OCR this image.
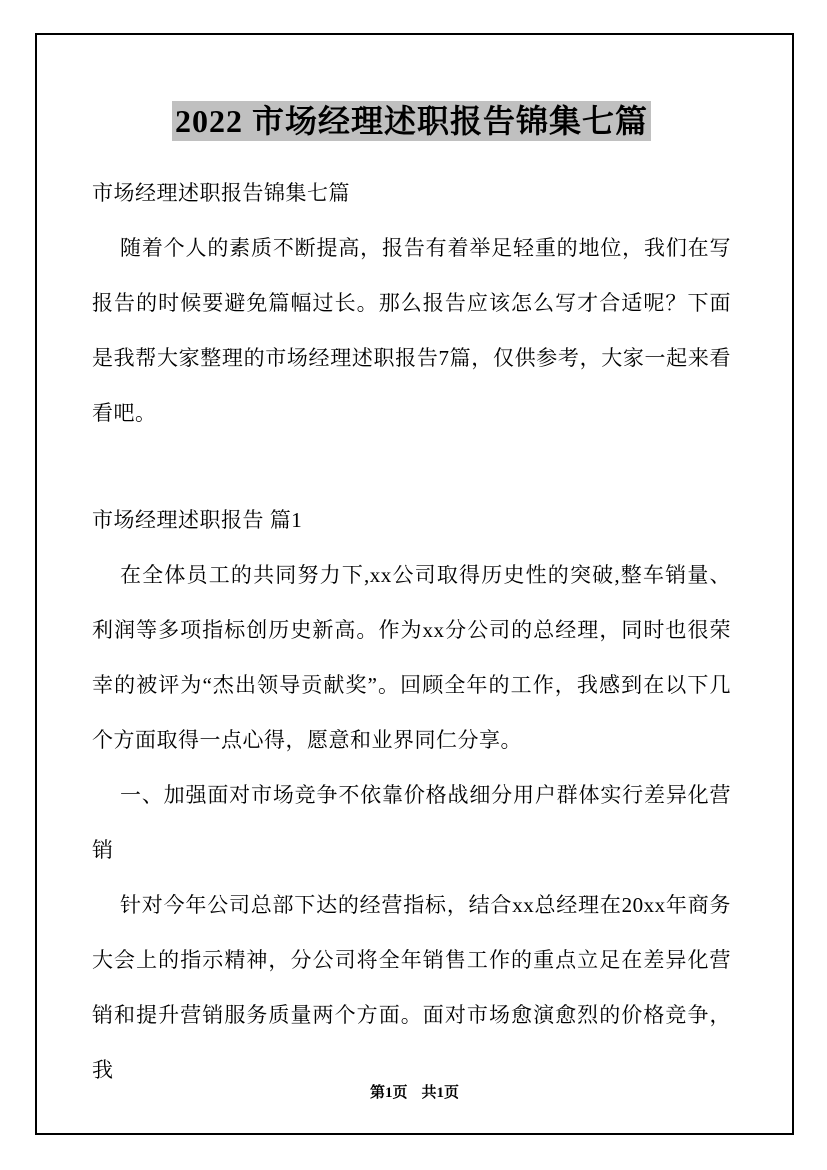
2022 市场经理述职报告锦集七篇

市场经理述职报告锦集七篇

随着个人的素质不断提高，报告有着举足轻重的地位，我们在写报告的时候要避免篇幅过长。那么报告应该怎么写才合适呢？下面是我帮大家整理的市场经理述职报告7篇，仅供参考，大家一起来看看吧。

市场经理述职报告 篇1

在全体员工的共同努力下,xx公司取得历史性的突破,整车销量、利润等多项指标创历史新高。作为xx分公司的总经理，同时也很荣幸的被评为“杰出领导贡献奖”。回顾全年的工作，我感到在以下几个方面取得一点心得，愿意和业界同仁分享。

一、加强面对市场竞争不依靠价格战细分用户群体实行差异化营销

针对今年公司总部下达的经营指标，结合xx总经理在20xx年商务大会上的指示精神，分公司将全年销售工作的重点立足在差异化营销和提升营销服务质量两个方面。面对市场愈演愈烈的价格竞争，我

第1页 共1页
